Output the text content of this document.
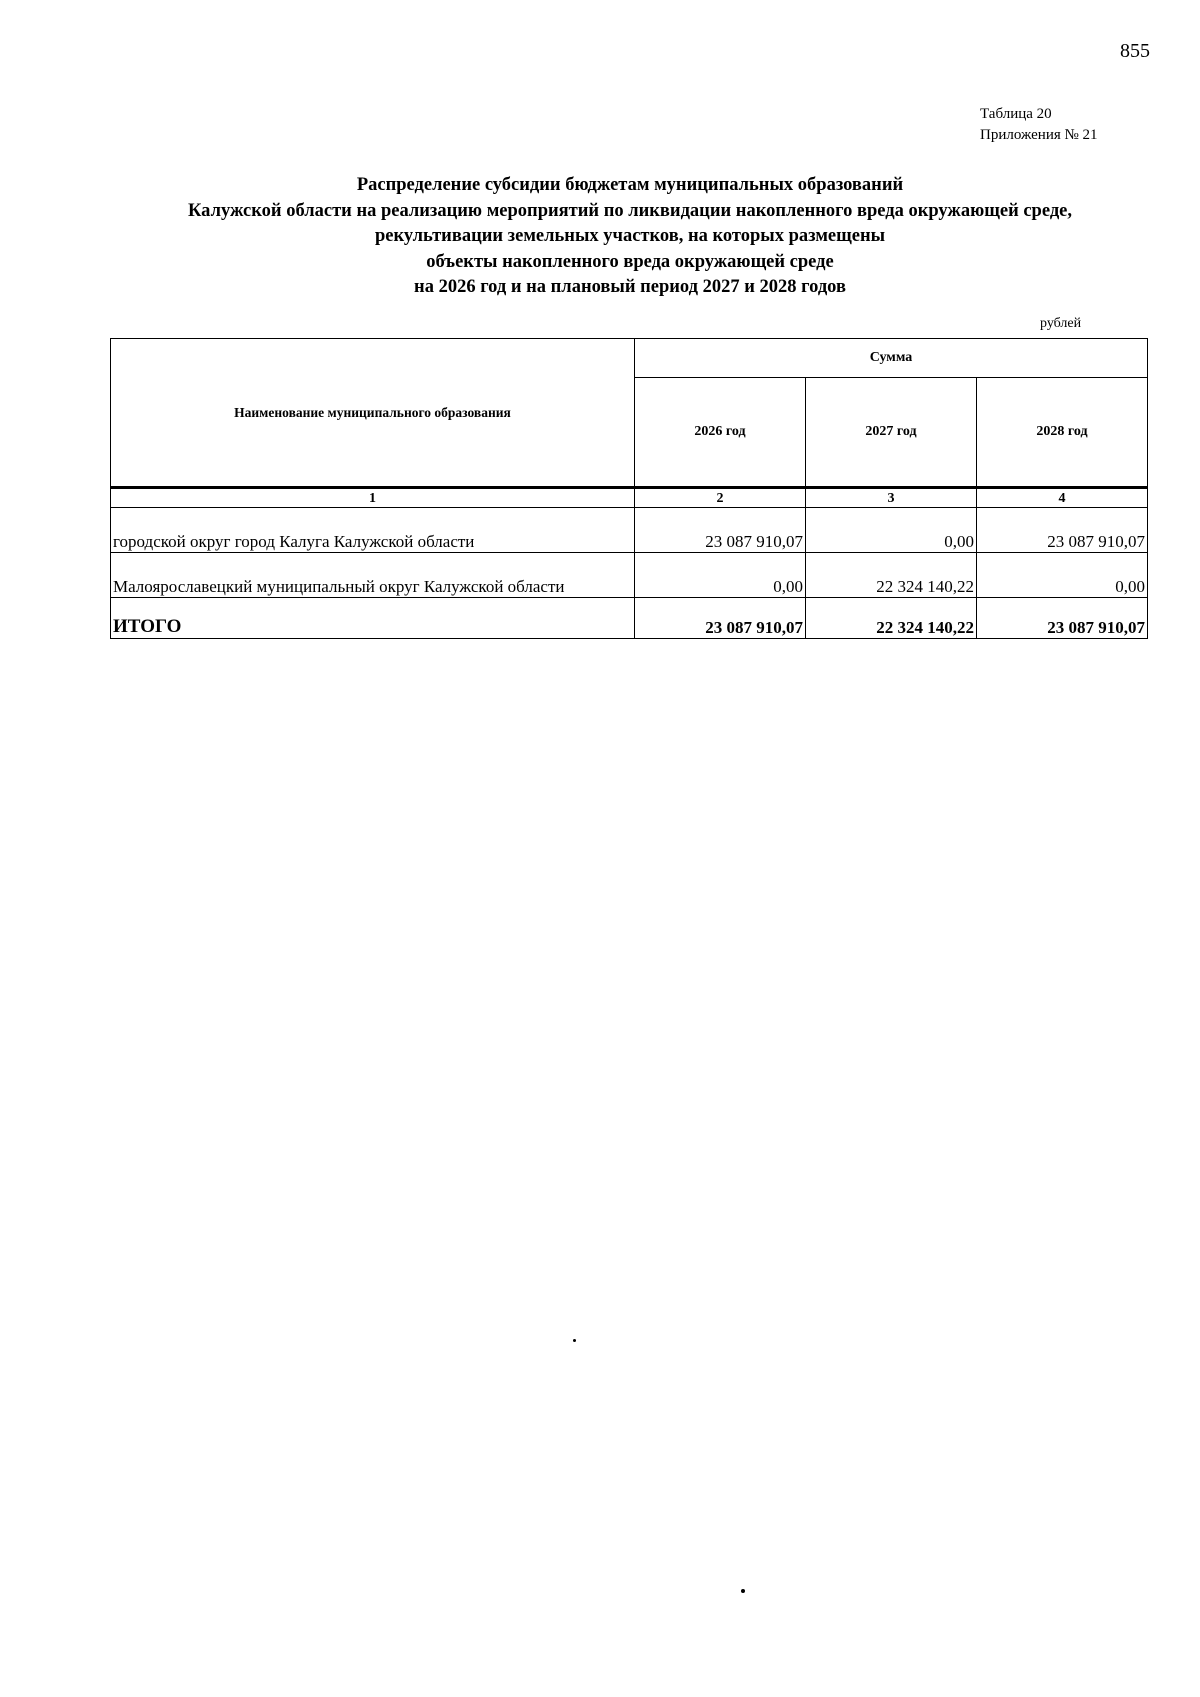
855
Таблица 20
Приложения № 21
Распределение субсидии бюджетам муниципальных образований
Калужской области на реализацию мероприятий по ликвидации накопленного вреда окружающей среде,
рекультивации земельных участков, на которых размещены
объекты накопленного вреда окружающей среде
на 2026 год и на плановый период 2027 и 2028 годов
рублей
Наименование муниципального образования	Сумма		
	2026 год	2027 год	2028 год
1	2	3	4
городской округ город Калуга Калужской области	23 087 910,07	0,00	23 087 910,07
Малоярославецкий муниципальный округ Калужской области	0,00	22 324 140,22	0,00
ИТОГО	23 087 910,07	22 324 140,22	23 087 910,07
